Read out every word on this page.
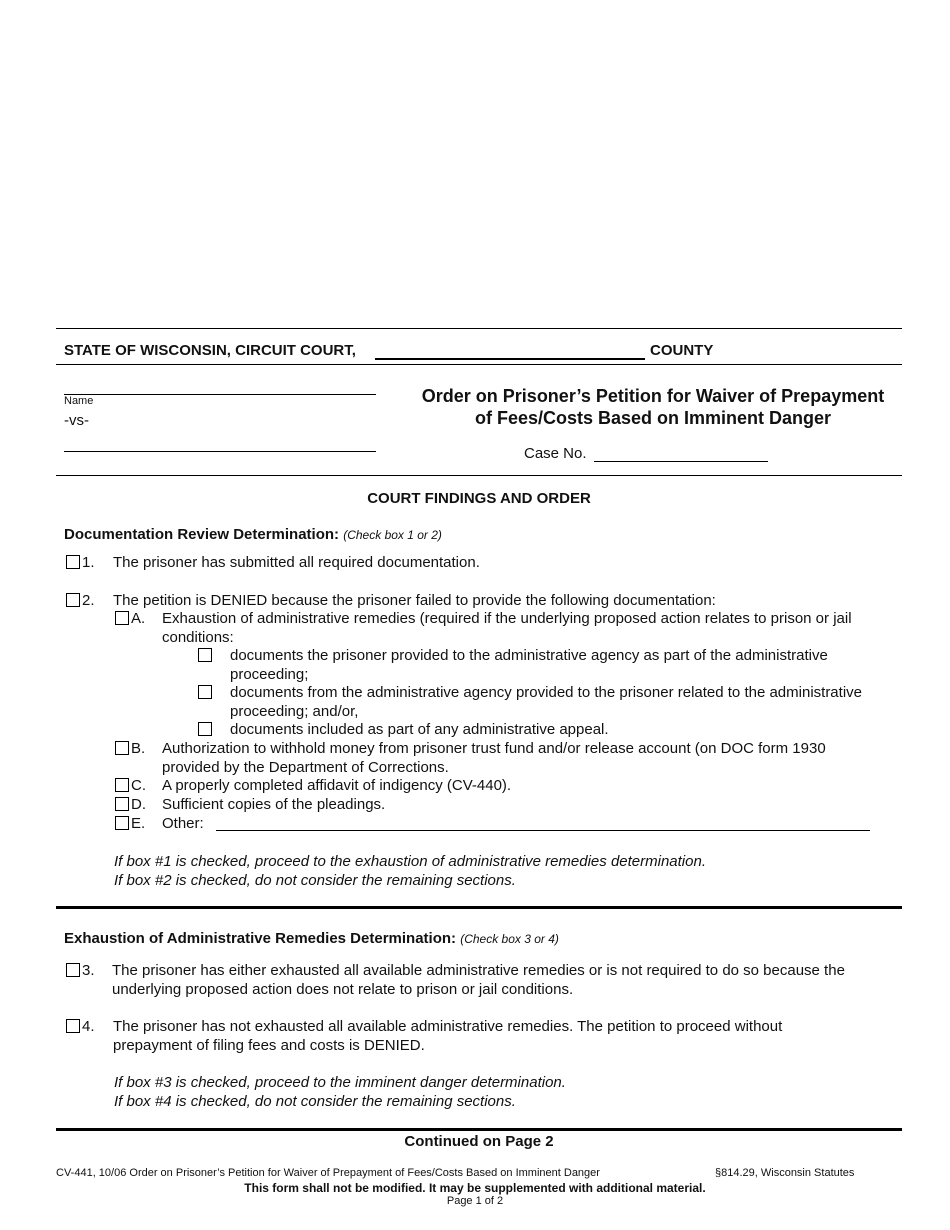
STATE OF WISCONSIN, CIRCUIT COURT,	COUNTY
Name
-vs-
Order on Prisoner’s Petition for Waiver of Prepayment
of Fees/Costs Based on Imminent Danger
Case No.
COURT FINDINGS AND ORDER
Documentation Review Determination: (Check box 1 or 2)
1. The prisoner has submitted all required documentation.
2. The petition is DENIED because the prisoner failed to provide the following documentation:
A. Exhaustion of administrative remedies (required if the underlying proposed action relates to prison or jail
conditions:
documents the prisoner provided to the administrative agency as part of the administrative
proceeding;
documents from the administrative agency provided to the prisoner related to the administrative
proceeding; and/or,
documents included as part of any administrative appeal.
B. Authorization to withhold money from prisoner trust fund and/or release account (on DOC form 1930
provided by the Department of Corrections.
C. A properly completed affidavit of indigency (CV-440).
D. Sufficient copies of the pleadings.
E. Other:
If box #1 is checked, proceed to the exhaustion of administrative remedies determination.
If box #2 is checked, do not consider the remaining sections.
Exhaustion of Administrative Remedies Determination: (Check box 3 or 4)
3. The prisoner has either exhausted all available administrative remedies or is not required to do so because the
underlying proposed action does not relate to prison or jail conditions.
4. The prisoner has not exhausted all available administrative remedies. The petition to proceed without
prepayment of filing fees and costs is DENIED.
If box #3 is checked, proceed to the imminent danger determination.
If box #4 is checked, do not consider the remaining sections.
Continued on Page 2
CV-441, 10/06 Order on Prisoner’s Petition for Waiver of Prepayment of Fees/Costs Based on Imminent Danger	§814.29, Wisconsin Statutes
This form shall not be modified. It may be supplemented with additional material.
Page 1 of 2
